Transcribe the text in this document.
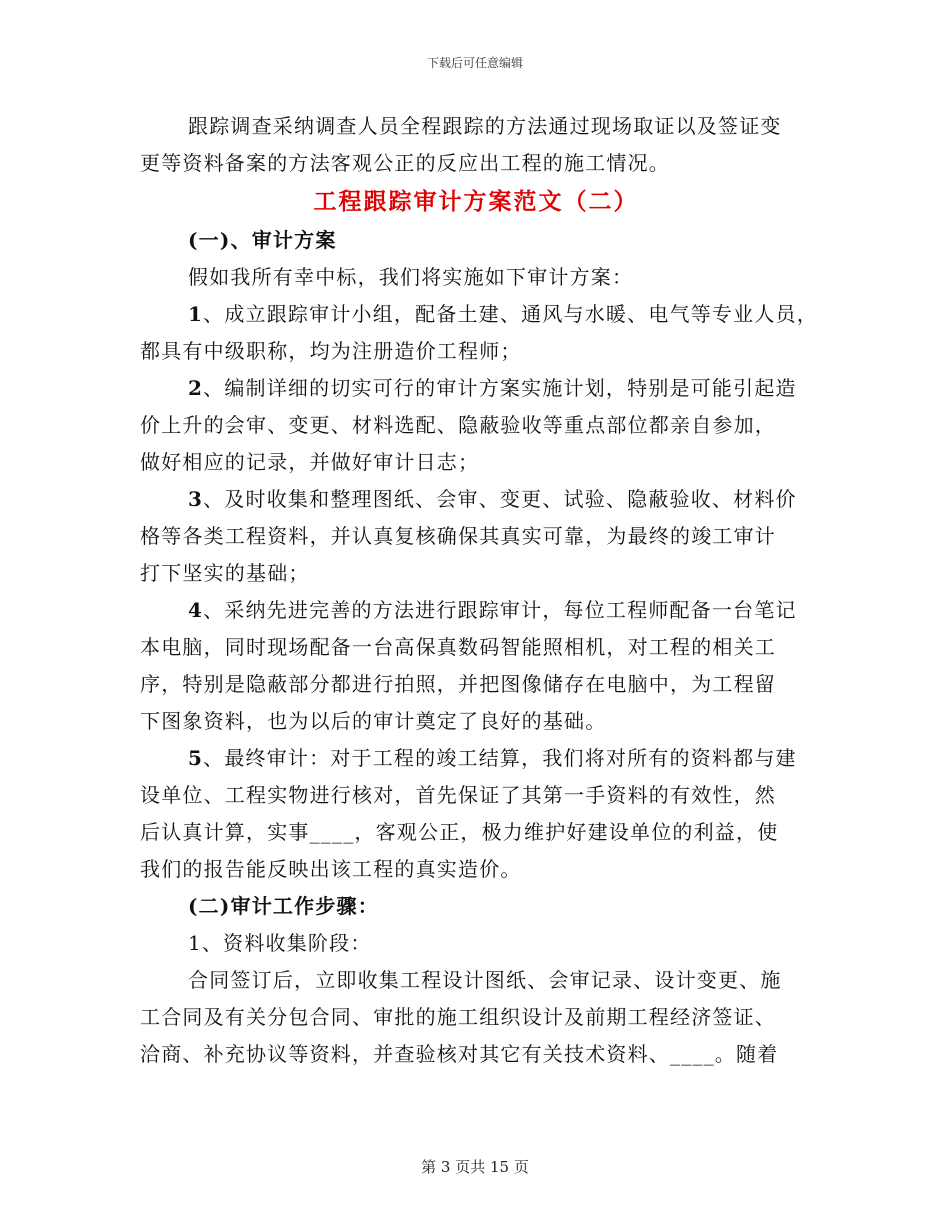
下载后可任意编辑
跟踪调查采纳调查人员全程跟踪的方法通过现场取证以及签证变
更等资料备案的方法客观公正的反应出工程的施工情况。
工程跟踪审计方案范文（二）
(一)、审计方案
假如我所有幸中标，我们将实施如下审计方案：
1、成立跟踪审计小组，配备土建、通风与水暖、电气等专业人员，
都具有中级职称，均为注册造价工程师；
2、编制详细的切实可行的审计方案实施计划，特别是可能引起造
价上升的会审、变更、材料选配、隐蔽验收等重点部位都亲自参加，
做好相应的记录，并做好审计日志；
3、及时收集和整理图纸、会审、变更、试验、隐蔽验收、材料价
格等各类工程资料，并认真复核确保其真实可靠，为最终的竣工审计
打下坚实的基础；
4、采纳先进完善的方法进行跟踪审计，每位工程师配备一台笔记
本电脑，同时现场配备一台高保真数码智能照相机，对工程的相关工
序，特别是隐蔽部分都进行拍照，并把图像储存在电脑中，为工程留
下图象资料，也为以后的审计奠定了良好的基础。
5、最终审计：对于工程的竣工结算，我们将对所有的资料都与建
设单位、工程实物进行核对，首先保证了其第一手资料的有效性，然
后认真计算，实事____，客观公正，极力维护好建设单位的利益，使
我们的报告能反映出该工程的真实造价。
(二)审计工作步骤：
1、资料收集阶段：
合同签订后，立即收集工程设计图纸、会审记录、设计变更、施
工合同及有关分包合同、审批的施工组织设计及前期工程经济签证、
洽商、补充协议等资料，并查验核对其它有关技术资料、____。随着
第 3 页共 15 页
